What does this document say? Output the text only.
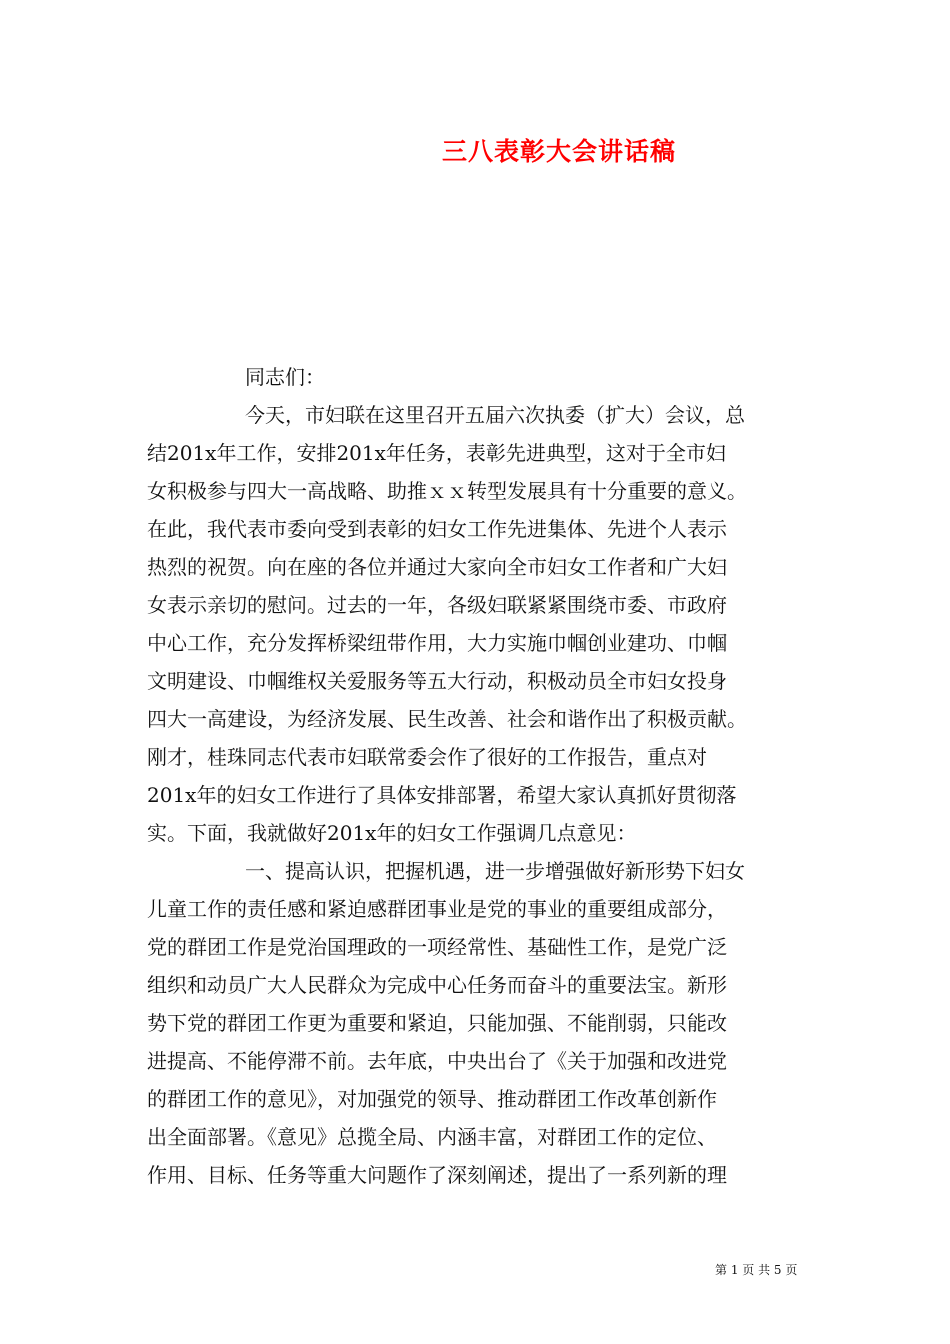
三八表彰大会讲话稿
同志们：
今天，市妇联在这里召开五届六次执委（扩大）会议，总
结201x年工作，安排201x年任务，表彰先进典型，这对于全市妇
女积极参与四大一高战略、助推ｘｘ转型发展具有十分重要的意义。
在此，我代表市委向受到表彰的妇女工作先进集体、先进个人表示
热烈的祝贺。向在座的各位并通过大家向全市妇女工作者和广大妇
女表示亲切的慰问。过去的一年，各级妇联紧紧围绕市委、市政府
中心工作，充分发挥桥梁纽带作用，大力实施巾帼创业建功、巾帼
文明建设、巾帼维权关爱服务等五大行动，积极动员全市妇女投身
四大一高建设，为经济发展、民生改善、社会和谐作出了积极贡献。
刚才，桂珠同志代表市妇联常委会作了很好的工作报告，重点对
201x年的妇女工作进行了具体安排部署，希望大家认真抓好贯彻落
实。下面，我就做好201x年的妇女工作强调几点意见：
一、提高认识，把握机遇，进一步增强做好新形势下妇女
儿童工作的责任感和紧迫感群团事业是党的事业的重要组成部分，
党的群团工作是党治国理政的一项经常性、基础性工作，是党广泛
组织和动员广大人民群众为完成中心任务而奋斗的重要法宝。新形
势下党的群团工作更为重要和紧迫，只能加强、不能削弱，只能改
进提高、不能停滞不前。去年底，中央出台了《关于加强和改进党
的群团工作的意见》，对加强党的领导、推动群团工作改革创新作
出全面部署。《意见》总揽全局、内涵丰富，对群团工作的定位、
作用、目标、任务等重大问题作了深刻阐述，提出了一系列新的理
第 1 页 共 5 页
